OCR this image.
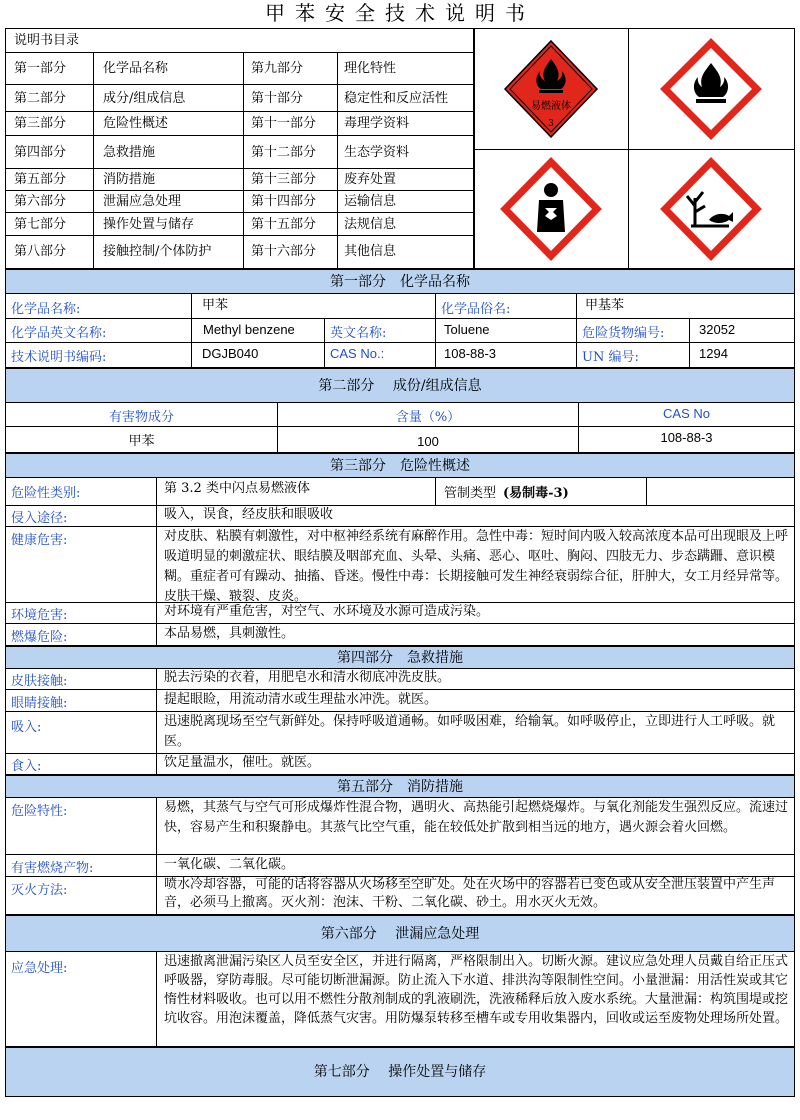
甲苯安全技术说明书
说明书目录
第一部分	化学品名称	第九部分	理化特性
第二部分	成分/组成信息	第十部分	稳定性和反应活性
第三部分	危险性概述	第十一部分 毒理学资料
第四部分	急救措施	第十二部分 生态学资料
第五部分	消防措施	第十三部分 废弃处置
第六部分	泄漏应急处理	第十四部分 运输信息
第七部分	操作处置与储存	第十五部分 法规信息
第八部分	接触控制/个体防护	第十六部分 其他信息
易燃液体
3
第一部分　化学品名称
化学品名称:	甲苯	化学品俗名:	甲基苯
化学品英文名称:	Methyl benzene	英文名称:	Toluene	危险货物编号:	32052
技术说明书编码:	DGJB040	CAS No.:	108-88-3	UN 编号:	1294
第二部分　 成份/组成信息
有害物成分	含量（%）	CAS No
甲苯	100	108-88-3
第三部分　危险性概述
危险性类别:	第 3.2 类中闪点易燃液体	管制类型 (易制毒-3)
侵入途径:	吸入，误食，经皮肤和眼吸收
健康危害:	对皮肤、粘膜有刺激性，对中枢神经系统有麻醉作用。急性中毒：短时间内吸入较高浓度本品可出现眼及上呼吸道明显的刺激症状、眼结膜及咽部充血、头晕、头痛、恶心、呕吐、胸闷、四肢无力、步态蹒跚、意识模糊。重症者可有躁动、抽搐、昏迷。慢性中毒：长期接触可发生神经衰弱综合征，肝肿大，女工月经异常等。皮肤干燥、皲裂、皮炎。
环境危害:	对环境有严重危害，对空气、水环境及水源可造成污染。
燃爆危险:	本品易燃，具刺激性。
第四部分　急救措施
皮肤接触:	脱去污染的衣着，用肥皂水和清水彻底冲洗皮肤。
眼睛接触:	提起眼睑，用流动清水或生理盐水冲洗。就医。
吸入:	迅速脱离现场至空气新鲜处。保持呼吸道通畅。如呼吸困难，给输氧。如呼吸停止，立即进行人工呼吸。就医。
食入:	饮足量温水，催吐。就医。
第五部分　消防措施
危险特性:	易燃，其蒸气与空气可形成爆炸性混合物，遇明火、高热能引起燃烧爆炸。与氧化剂能发生强烈反应。流速过快，容易产生和积聚静电。其蒸气比空气重，能在较低处扩散到相当远的地方，遇火源会着火回燃。
有害燃烧产物:	一氧化碳、二氧化碳。
灭火方法:	喷水冷却容器，可能的话将容器从火场移至空旷处。处在火场中的容器若已变色或从安全泄压装置中产生声音，必须马上撤离。灭火剂：泡沫、干粉、二氧化碳、砂土。用水灭火无效。
第六部分　 泄漏应急处理
应急处理:	迅速撤离泄漏污染区人员至安全区，并进行隔离，严格限制出入。切断火源。建议应急处理人员戴自给正压式呼吸器，穿防毒服。尽可能切断泄漏源。防止流入下水道、排洪沟等限制性空间。小量泄漏：用活性炭或其它惰性材料吸收。也可以用不燃性分散剂制成的乳液刷洗，洗液稀释后放入废水系统。大量泄漏：构筑围堤或挖坑收容。用泡沫覆盖，降低蒸气灾害。用防爆泵转移至槽车或专用收集器内，回收或运至废物处理场所处置。
第七部分　 操作处置与储存
